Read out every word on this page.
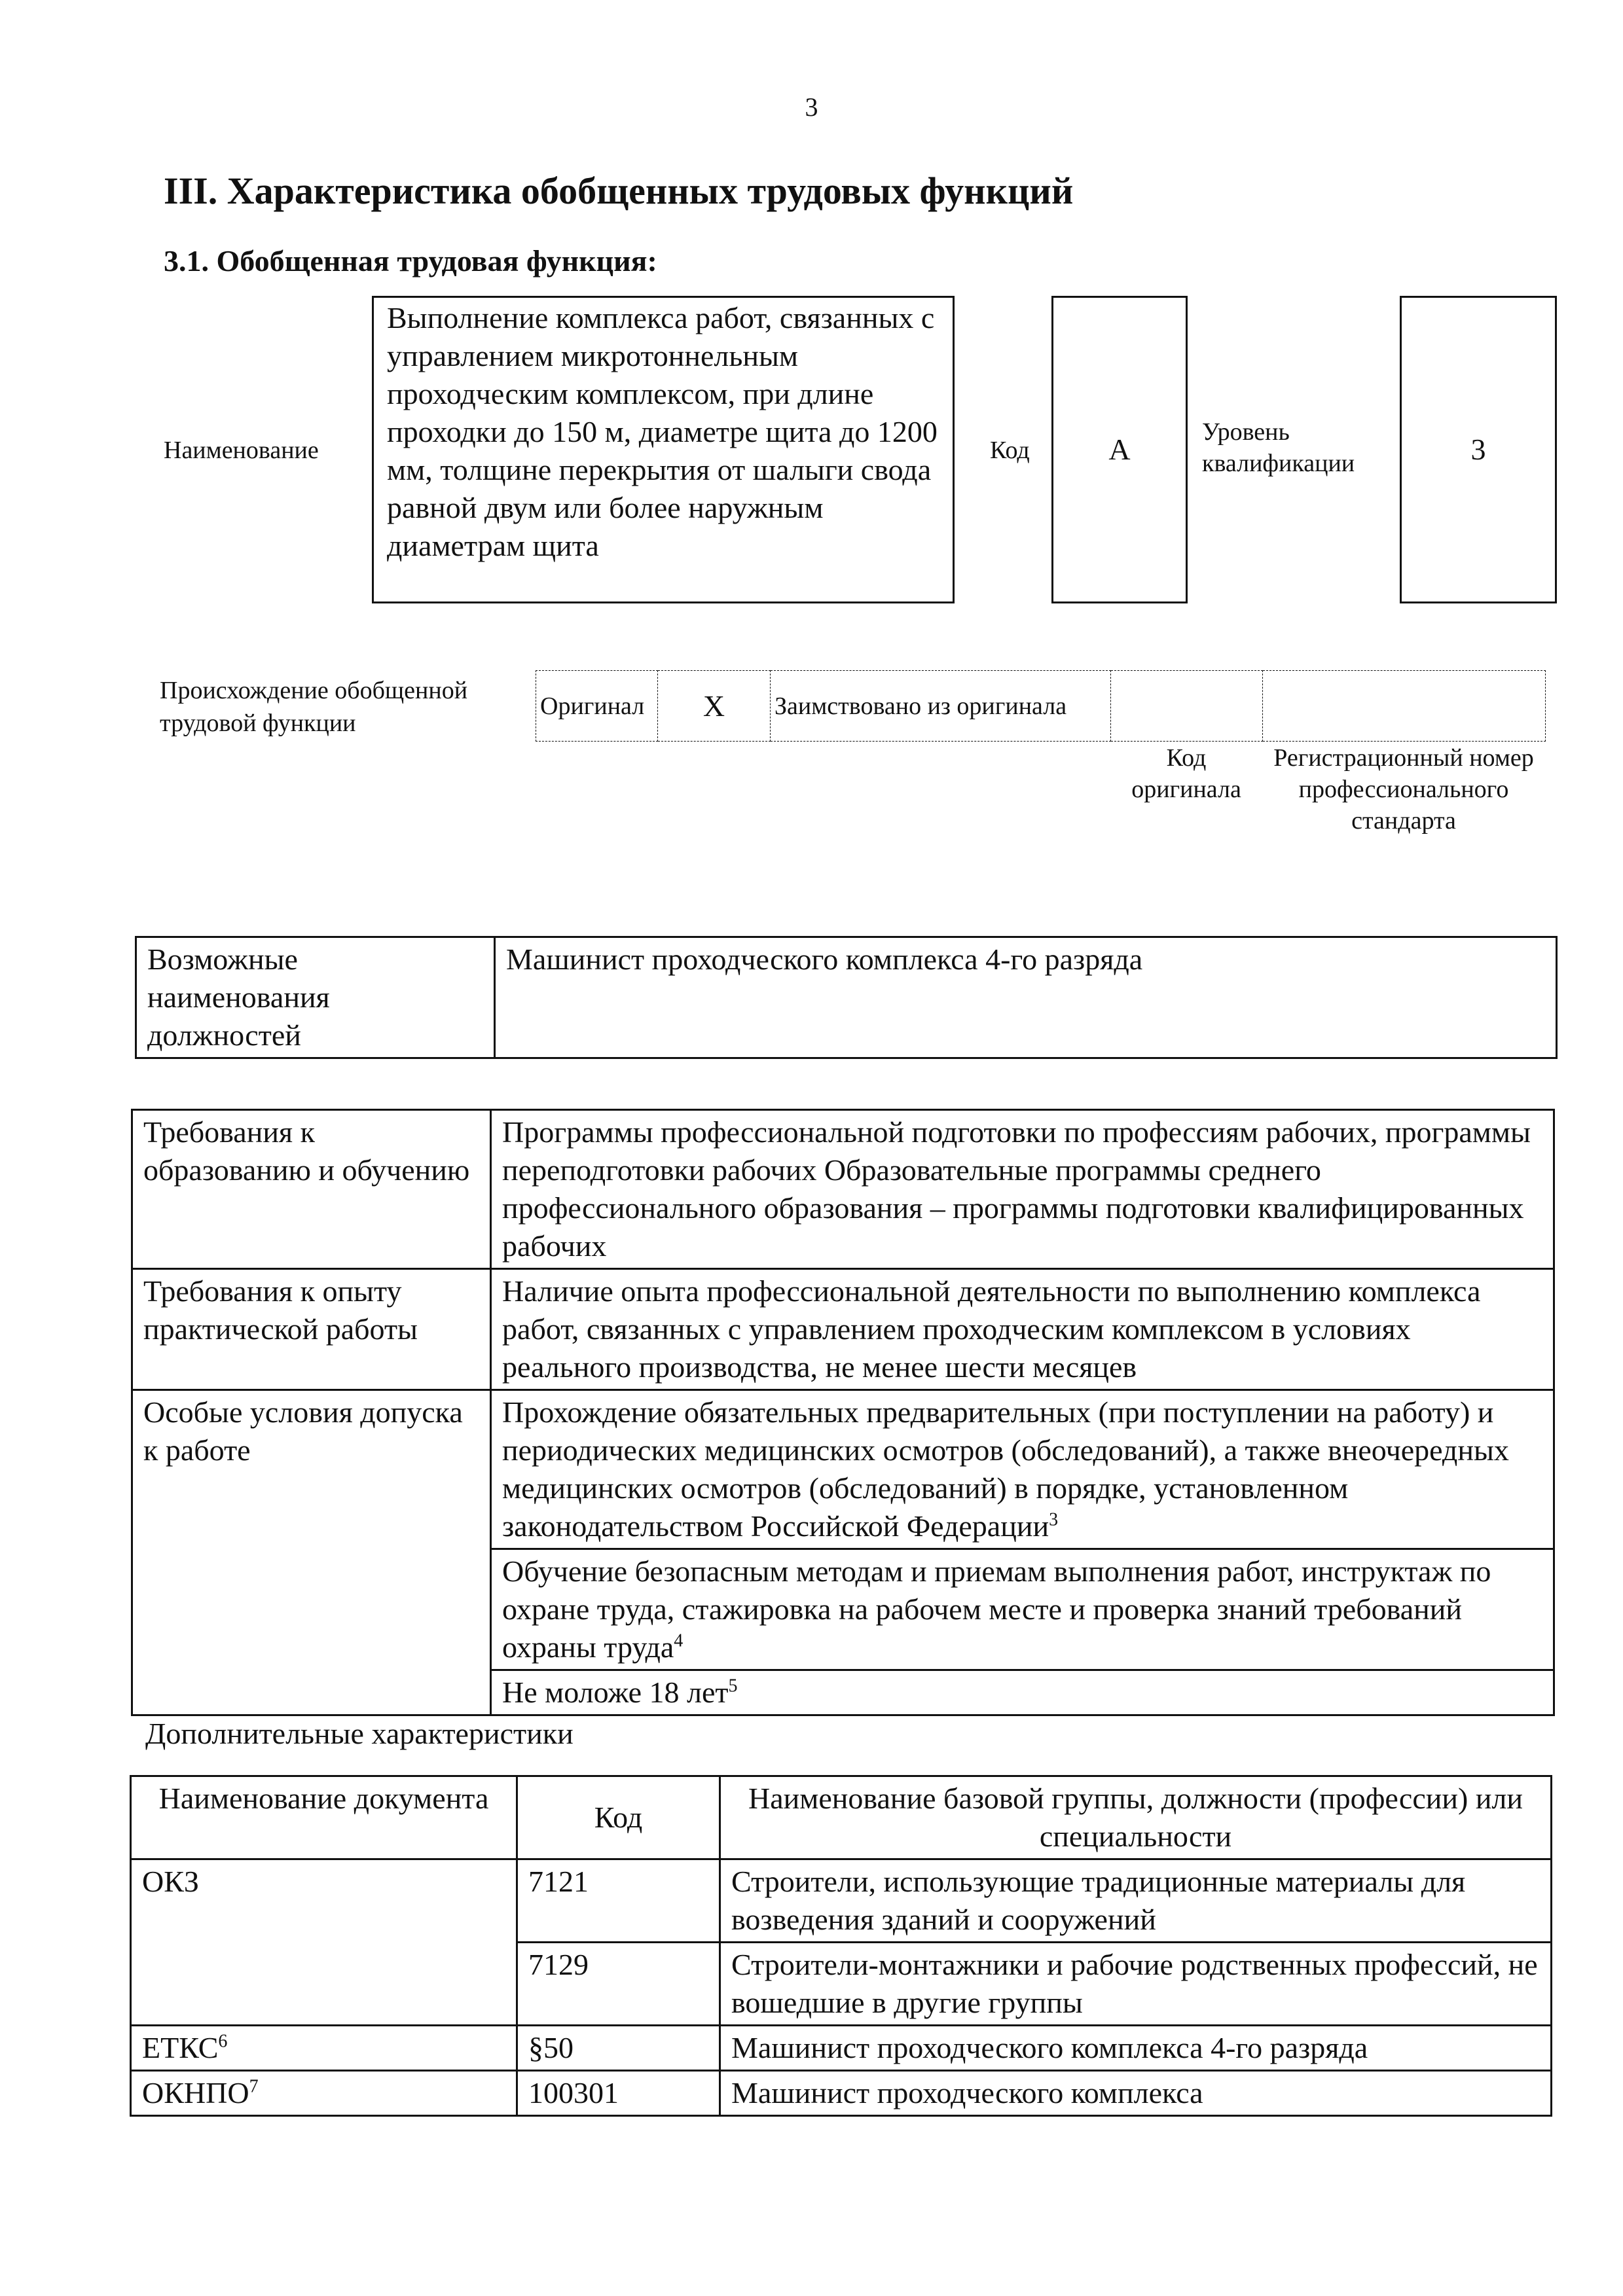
3
III. Характеристика обобщенных трудовых функций
3.1. Обобщенная трудовая функция:
Наименование
Выполнение комплекса работ, связанных с управлением микротоннельным проходческим комплексом, при длине проходки до 150 м, диаметре щита до 1200 мм, толщине перекрытия от шалыги свода равной двум или более наружным диаметрам щита
Код	А
Уровень квалификации	3
Происхождение обобщенной трудовой функции
Оригинал	X	Заимствовано из оригинала		
Код оригинала
Регистрационный номер профессионального стандарта
Возможные наименования должностей	Машинист проходческого комплекса 4-го разряда
Требования к образованию и обучению	Программы профессиональной подготовки по профессиям рабочих, программы переподготовки рабочих Образовательные программы среднего профессионального образования – программы подготовки квалифицированных рабочих
Требования к опыту практической работы	Наличие опыта профессиональной деятельности по выполнению комплекса работ, связанных с управлением проходческим комплексом в условиях реального производства, не менее шести месяцев
Особые условия допуска к работе	Прохождение обязательных предварительных (при поступлении на работу) и периодических медицинских осмотров (обследований), а также внеочередных медицинских осмотров (обследований) в порядке, установленном законодательством Российской Федерации$^3$
	Обучение безопасным методам и приемам выполнения работ, инструктаж по охране труда, стажировка на рабочем месте и проверка знаний требований охраны труда$^4$
	Не моложе 18 лет$^5$
Дополнительные характеристики
Наименование документа	Код	Наименование базовой группы, должности (профессии) или специальности
ОКЗ	7121	Строители, использующие традиционные материалы для возведения зданий и сооружений
	7129	Строители-монтажники и рабочие родственных профессий, не вошедшие в другие группы
ЕТКС$^6$	§50	Машинист проходческого комплекса 4-го разряда
ОКНПО$^7$	100301	Машинист проходческого комплекса
